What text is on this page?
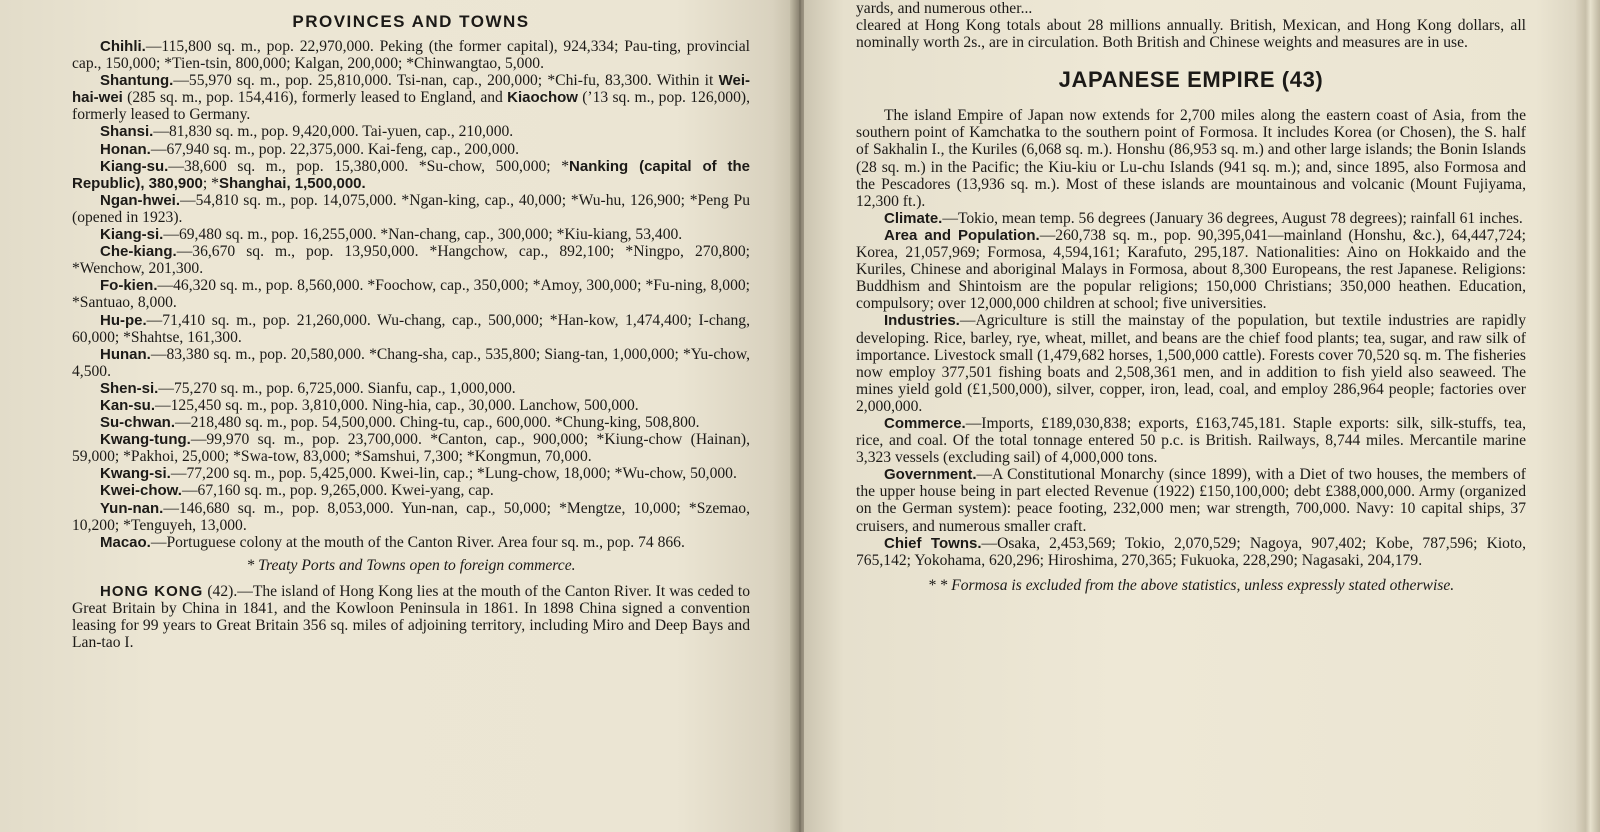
PROVINCES AND TOWNS

Chihli.—115,800 sq. m., pop. 22,970,000. Peking (the former capital), 924,334; Pau-ting, provincial cap., 150,000; *Tien-tsin, 800,000; Kalgan, 200,000; *Chinwangtao, 5,000.

Shantung.—55,970 sq. m., pop. 25,810,000. Tsi-nan, cap., 200,000; *Chi-fu, 83,300. Within it Wei-hai-wei (285 sq. m., pop. 154,416), formerly leased to England, and Kiaochow (’13 sq. m., pop. 126,000), formerly leased to Germany.

Shansi.—81,830 sq. m., pop. 9,420,000. Tai-yuen, cap., 210,000.

Honan.—67,940 sq. m., pop. 22,375,000. Kai-feng, cap., 200,000.

Kiang-su.—38,600 sq. m., pop. 15,380,000. *Su-chow, 500,000; *Nanking (capital of the Republic), 380,900; *Shanghai, 1,500,000.

Ngan-hwei.—54,810 sq. m., pop. 14,075,000. *Ngan-king, cap., 40,000; *Wu-hu, 126,900; *Peng Pu (opened in 1923).

Kiang-si.—69,480 sq. m., pop. 16,255,000. *Nan-chang, cap., 300,000; *Kiu-kiang, 53,400.

Che-kiang.—36,670 sq. m., pop. 13,950,000. *Hangchow, cap., 892,100; *Ningpo, 270,800; *Wenchow, 201,300.

Fo-kien.—46,320 sq. m., pop. 8,560,000. *Foochow, cap., 350,000; *Amoy, 300,000; *Fu-ning, 8,000; *Santuao, 8,000.

Hu-pe.—71,410 sq. m., pop. 21,260,000. Wu-chang, cap., 500,000; *Han-kow, 1,474,400; I-chang, 60,000; *Shahtse, 161,300.

Hunan.—83,380 sq. m., pop. 20,580,000. *Chang-sha, cap., 535,800; Siang-tan, 1,000,000; *Yu-chow, 4,500.

Shen-si.—75,270 sq. m., pop. 6,725,000. Sianfu, cap., 1,000,000.

Kan-su.—125,450 sq. m., pop. 3,810,000. Ning-hia, cap., 30,000. Lanchow, 500,000.

Su-chwan.—218,480 sq. m., pop. 54,500,000. Ching-tu, cap., 600,000. *Chung-king, 508,800.

Kwang-tung.—99,970 sq. m., pop. 23,700,000. *Canton, cap., 900,000; *Kiung-chow (Hainan), 59,000; *Pakhoi, 25,000; *Swa-tow, 83,000; *Samshui, 7,300; *Kongmun, 70,000.

Kwang-si.—77,200 sq. m., pop. 5,425,000. Kwei-lin, cap.; *Lung-chow, 18,000; *Wu-chow, 50,000.

Kwei-chow.—67,160 sq. m., pop. 9,265,000. Kwei-yang, cap.

Yun-nan.—146,680 sq. m., pop. 8,053,000. Yun-nan, cap., 50,000; *Mengtze, 10,000; *Szemao, 10,200; *Tenguyeh, 13,000.

Macao.—Portuguese colony at the mouth of the Canton River. Area four sq. m., pop. 74 866.

* Treaty Ports and Towns open to foreign commerce.

HONG KONG (42).—The island of Hong Kong lies at the mouth of the Canton River. It was ceded to Great Britain by China in 1841, and the Kowloon Peninsula in 1861. In 1898 China signed a convention leasing for 99 years to Great Britain 356 sq. miles of adjoining territory, including Miro and Deep Bays and Lan-tao I.

yards, and numerous other...

cleared at Hong Kong totals about 28 millions annually. British, Mexican, and Hong Kong dollars, all nominally worth 2s., are in circulation. Both British and Chinese weights and measures are in use.

JAPANESE EMPIRE (43)

The island Empire of Japan now extends for 2,700 miles along the eastern coast of Asia, from the southern point of Kamchatka to the southern point of Formosa. It includes Korea (or Chosen), the S. half of Sakhalin I., the Kuriles (6,068 sq. m.). Honshu (86,953 sq. m.) and other large islands; the Bonin Islands (28 sq. m.) in the Pacific; the Kiu-kiu or Lu-chu Islands (941 sq. m.); and, since 1895, also Formosa and the Pescadores (13,936 sq. m.). Most of these islands are mountainous and volcanic (Mount Fujiyama, 12,300 ft.).

Climate.—Tokio, mean temp. 56 degrees (January 36 degrees, August 78 degrees); rainfall 61 inches.

Area and Population.—260,738 sq. m., pop. 90,395,041—mainland (Honshu, &c.), 64,447,724; Korea, 21,057,969; Formosa, 4,594,161; Karafuto, 295,187. Nationalities: Aino on Hokkaido and the Kuriles, Chinese and aboriginal Malays in Formosa, about 8,300 Europeans, the rest Japanese. Religions: Buddhism and Shintoism are the popular religions; 150,000 Christians; 350,000 heathen. Education, compulsory; over 12,000,000 children at school; five universities.

Industries.—Agriculture is still the mainstay of the population, but textile industries are rapidly developing. Rice, barley, rye, wheat, millet, and beans are the chief food plants; tea, sugar, and raw silk of importance. Livestock small (1,479,682 horses, 1,500,000 cattle). Forests cover 70,520 sq. m. The fisheries now employ 377,501 fishing boats and 2,508,361 men, and in addition to fish yield also seaweed. The mines yield gold (£1,500,000), silver, copper, iron, lead, coal, and employ 286,964 people; factories over 2,000,000.

Commerce.—Imports, £189,030,838; exports, £163,745,181. Staple exports: silk, silk-stuffs, tea, rice, and coal. Of the total tonnage entered 50 p.c. is British. Railways, 8,744 miles. Mercantile marine 3,323 vessels (excluding sail) of 4,000,000 tons.

Government.—A Constitutional Monarchy (since 1899), with a Diet of two houses, the members of the upper house being in part elected Revenue (1922) £150,100,000; debt £388,000,000. Army (organized on the German system): peace footing, 232,000 men; war strength, 700,000. Navy: 10 capital ships, 37 cruisers, and numerous smaller craft.

Chief Towns.—Osaka, 2,453,569; Tokio, 2,070,529; Nagoya, 907,402; Kobe, 787,596; Kioto, 765,142; Yokohama, 620,296; Hiroshima, 270,365; Fukuoka, 228,290; Nagasaki, 204,179.

* * Formosa is excluded from the above statistics, unless expressly stated otherwise.
